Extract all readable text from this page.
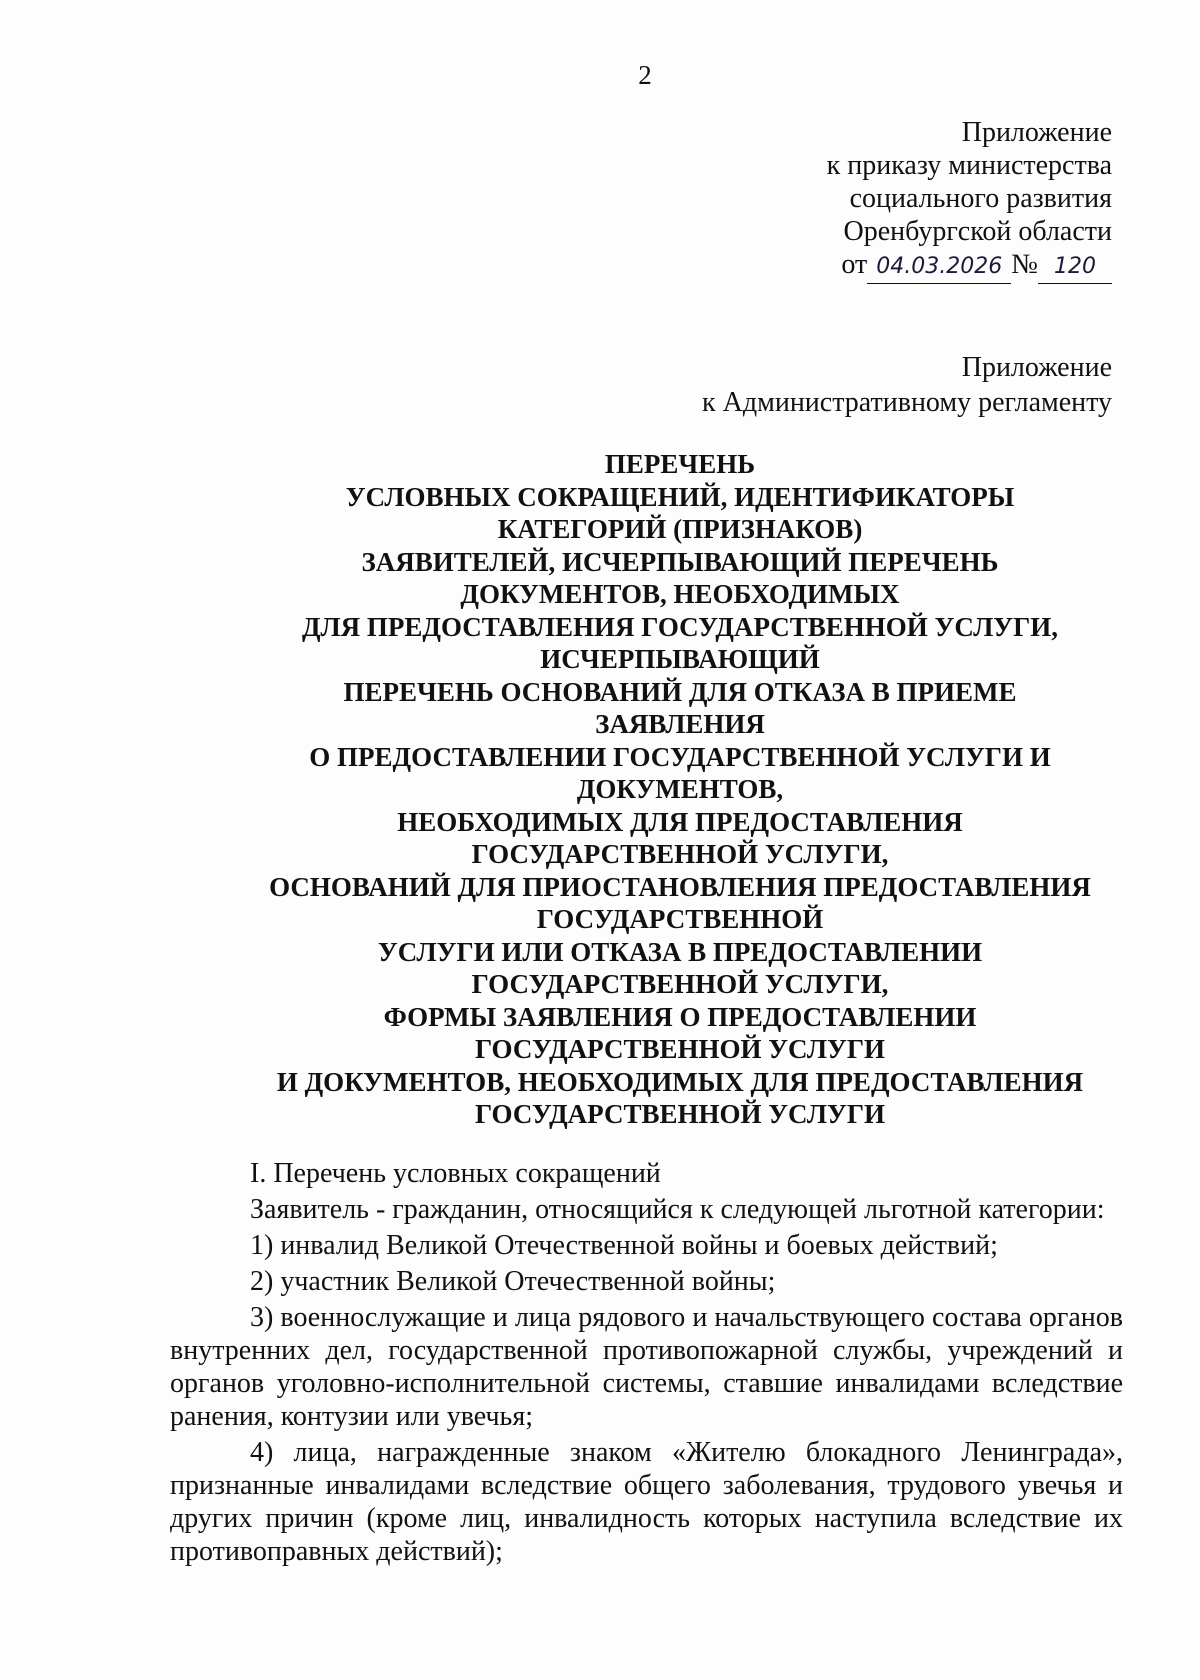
2
Приложение
к приказу министерства
социального развития
Оренбургской области
от 04.03.2026 № 120
Приложение
к Административному регламенту
ПЕРЕЧЕНЬ
УСЛОВНЫХ СОКРАЩЕНИЙ, ИДЕНТИФИКАТОРЫ
КАТЕГОРИЙ (ПРИЗНАКОВ)
ЗАЯВИТЕЛЕЙ, ИСЧЕРПЫВАЮЩИЙ ПЕРЕЧЕНЬ
ДОКУМЕНТОВ, НЕОБХОДИМЫХ
ДЛЯ ПРЕДОСТАВЛЕНИЯ ГОСУДАРСТВЕННОЙ УСЛУГИ,
ИСЧЕРПЫВАЮЩИЙ
ПЕРЕЧЕНЬ ОСНОВАНИЙ ДЛЯ ОТКАЗА В ПРИЕМЕ
ЗАЯВЛЕНИЯ
О ПРЕДОСТАВЛЕНИИ ГОСУДАРСТВЕННОЙ УСЛУГИ И
ДОКУМЕНТОВ,
НЕОБХОДИМЫХ ДЛЯ ПРЕДОСТАВЛЕНИЯ
ГОСУДАРСТВЕННОЙ УСЛУГИ,
ОСНОВАНИЙ ДЛЯ ПРИОСТАНОВЛЕНИЯ ПРЕДОСТАВЛЕНИЯ
ГОСУДАРСТВЕННОЙ
УСЛУГИ ИЛИ ОТКАЗА В ПРЕДОСТАВЛЕНИИ
ГОСУДАРСТВЕННОЙ УСЛУГИ,
ФОРМЫ ЗАЯВЛЕНИЯ О ПРЕДОСТАВЛЕНИИ
ГОСУДАРСТВЕННОЙ УСЛУГИ
И ДОКУМЕНТОВ, НЕОБХОДИМЫХ ДЛЯ ПРЕДОСТАВЛЕНИЯ
ГОСУДАРСТВЕННОЙ УСЛУГИ

I. Перечень условных сокращений

Заявитель - гражданин, относящийся к следующей льготной категории:

1) инвалид Великой Отечественной войны и боевых действий;

2) участник Великой Отечественной войны;

3) военнослужащие и лица рядового и начальствующего состава органов внутренних дел, государственной противопожарной службы, учреждений и органов уголовно-исполнительной системы, ставшие инвалидами вследствие ранения, контузии или увечья;

4) лица, награжденные знаком «Жителю блокадного Ленинграда», признанные инвалидами вследствие общего заболевания, трудового увечья и других причин (кроме лиц, инвалидность которых наступила вследствие их противоправных действий);
